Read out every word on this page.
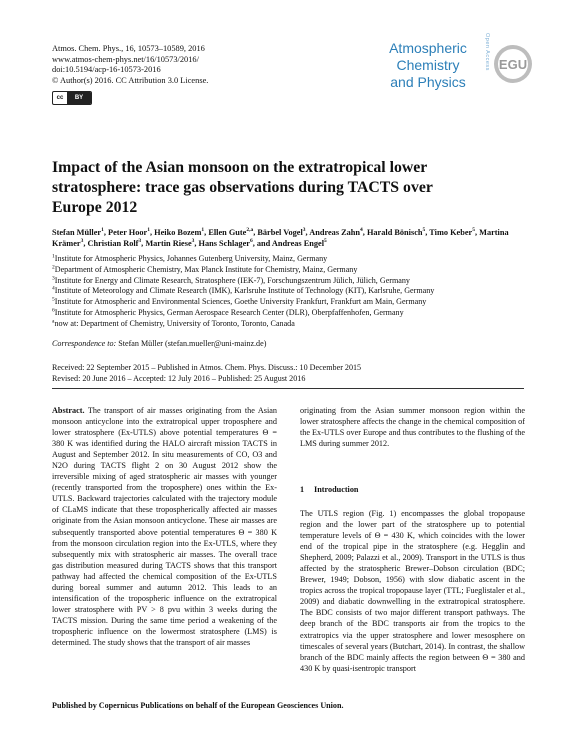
Atmos. Chem. Phys., 16, 10573–10589, 2016
www.atmos-chem-phys.net/16/10573/2016/
doi:10.5194/acp-16-10573-2016
© Author(s) 2016. CC Attribution 3.0 License.
cc	BY
Atmospheric
Chemistry
and Physics
Open Access EGU
Impact of the Asian monsoon on the extratropical lower stratosphere: trace gas observations during TACTS over Europe 2012
Stefan Müller$^1$, Peter Hoor$^1$, Heiko Bozem$^1$, Ellen Gute$^{2,a}$, Bärbel Vogel$^3$, Andreas Zahn$^4$, Harald Bönisch$^5$, Timo Keber$^5$, Martina Krämer$^3$, Christian Rolf$^3$, Martin Riese$^3$, Hans Schlager$^6$, and Andreas Engel$^5$
$^1$Institute for Atmospheric Physics, Johannes Gutenberg University, Mainz, Germany
$^2$Department of Atmospheric Chemistry, Max Planck Institute for Chemistry, Mainz, Germany
$^3$Institute for Energy and Climate Research, Stratosphere (IEK-7), Forschungszentrum Jülich, Jülich, Germany
$^4$Institute of Meteorology and Climate Research (IMK), Karlsruhe Institute of Technology (KIT), Karlsruhe, Germany
$^5$Institute for Atmospheric and Environmental Sciences, Goethe University Frankfurt, Frankfurt am Main, Germany
$^6$Institute for Atmospheric Physics, German Aerospace Research Center (DLR), Oberpfaffenhofen, Germany
$^a$now at: Department of Chemistry, University of Toronto, Toronto, Canada
Correspondence to: Stefan Müller (stefan.mueller@uni-mainz.de)
Received: 22 September 2015 – Published in Atmos. Chem. Phys. Discuss.: 10 December 2015
Revised: 20 June 2016 – Accepted: 12 July 2016 – Published: 25 August 2016
Abstract. The transport of air masses originating from the Asian monsoon anticyclone into the extratropical upper troposphere and lower stratosphere (Ex-UTLS) above potential temperatures Θ = 380 K was identified during the HALO aircraft mission TACTS in August and September 2012. In situ measurements of CO, O3 and N2O during TACTS flight 2 on 30 August 2012 show the irreversible mixing of aged stratospheric air masses with younger (recently transported from the troposphere) ones within the Ex-UTLS. Backward trajectories calculated with the trajectory module of CLaMS indicate that these tropospherically affected air masses originate from the Asian monsoon anticyclone. These air masses are subsequently transported above potential temperatures Θ = 380 K from the monsoon circulation region into the Ex-UTLS, where they subsequently mix with stratospheric air masses. The overall trace gas distribution measured during TACTS shows that this transport pathway had affected the chemical composition of the Ex-UTLS during boreal summer and autumn 2012. This leads to an intensification of the tropospheric influence on the extratropical lower stratosphere with PV > 8 pvu within 3 weeks during the TACTS mission. During the same time period a weakening of the tropospheric influence on the lowermost stratosphere (LMS) is determined. The study shows that the transport of air masses
originating from the Asian summer monsoon region within the lower stratosphere affects the change in the chemical composition of the Ex-UTLS over Europe and thus contributes to the flushing of the LMS during summer 2012.
1 Introduction
The UTLS region (Fig. 1) encompasses the global tropopause region and the lower part of the stratosphere up to potential temperature levels of Θ = 430 K, which coincides with the lower end of the tropical pipe in the stratosphere (e.g. Hegglin and Shepherd, 2009; Palazzi et al., 2009). Transport in the UTLS is thus affected by the stratospheric Brewer–Dobson circulation (BDC; Brewer, 1949; Dobson, 1956) with slow diabatic ascent in the tropics across the tropical tropopause layer (TTL; Fueglistaler et al., 2009) and diabatic downwelling in the extratropical stratosphere. The BDC consists of two major different transport pathways. The deep branch of the BDC transports air from the tropics to the extratropics via the upper stratosphere and lower mesosphere on timescales of several years (Butchart, 2014). In contrast, the shallow branch of the BDC mainly affects the region between Θ = 380 and 430 K by quasi-isentropic transport
Published by Copernicus Publications on behalf of the European Geosciences Union.
